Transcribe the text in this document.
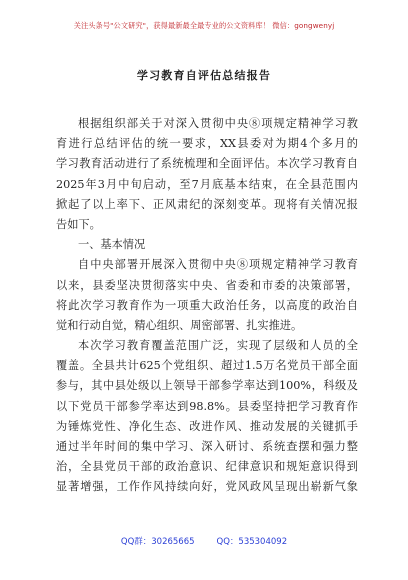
关注头条号"公文研究"，获得最新最全最专业的公文资料库！ 微信：gongwenyj
学习教育自评估总结报告
根据组织部关于对深入贯彻中央⑧项规定精神学习教
育进行总结评估的统一要求，XX县委对为期4个多月的
学习教育活动进行了系统梳理和全面评估。本次学习教育自
2025年3月中旬启动，至7月底基本结束，在全县范围内
掀起了以上率下、正风肃纪的深刻变革。现将有关情况报
告如下。
一、基本情况
自中央部署开展深入贯彻中央⑧项规定精神学习教育
以来，县委坚决贯彻落实中央、省委和市委的决策部署，
将此次学习教育作为一项重大政治任务，以高度的政治自
觉和行动自觉，精心组织、周密部署、扎实推进。
本次学习教育覆盖范围广泛，实现了层级和人员的全
覆盖。全县共计625个党组织、超过1.5万名党员干部全面
参与，其中县处级以上领导干部参学率达到100%，科级及
以下党员干部参学率达到98.8%。县委坚持把学习教育作
为锤炼党性、净化生态、改进作风、推动发展的关键抓手
通过半年时间的集中学习、深入研讨、系统查摆和强力整
治，全县党员干部的政治意识、纪律意识和规矩意识得到
显著增强，工作作风持续向好，党风政风呈现出崭新气象
QQ群：30265665	QQ：535304092
